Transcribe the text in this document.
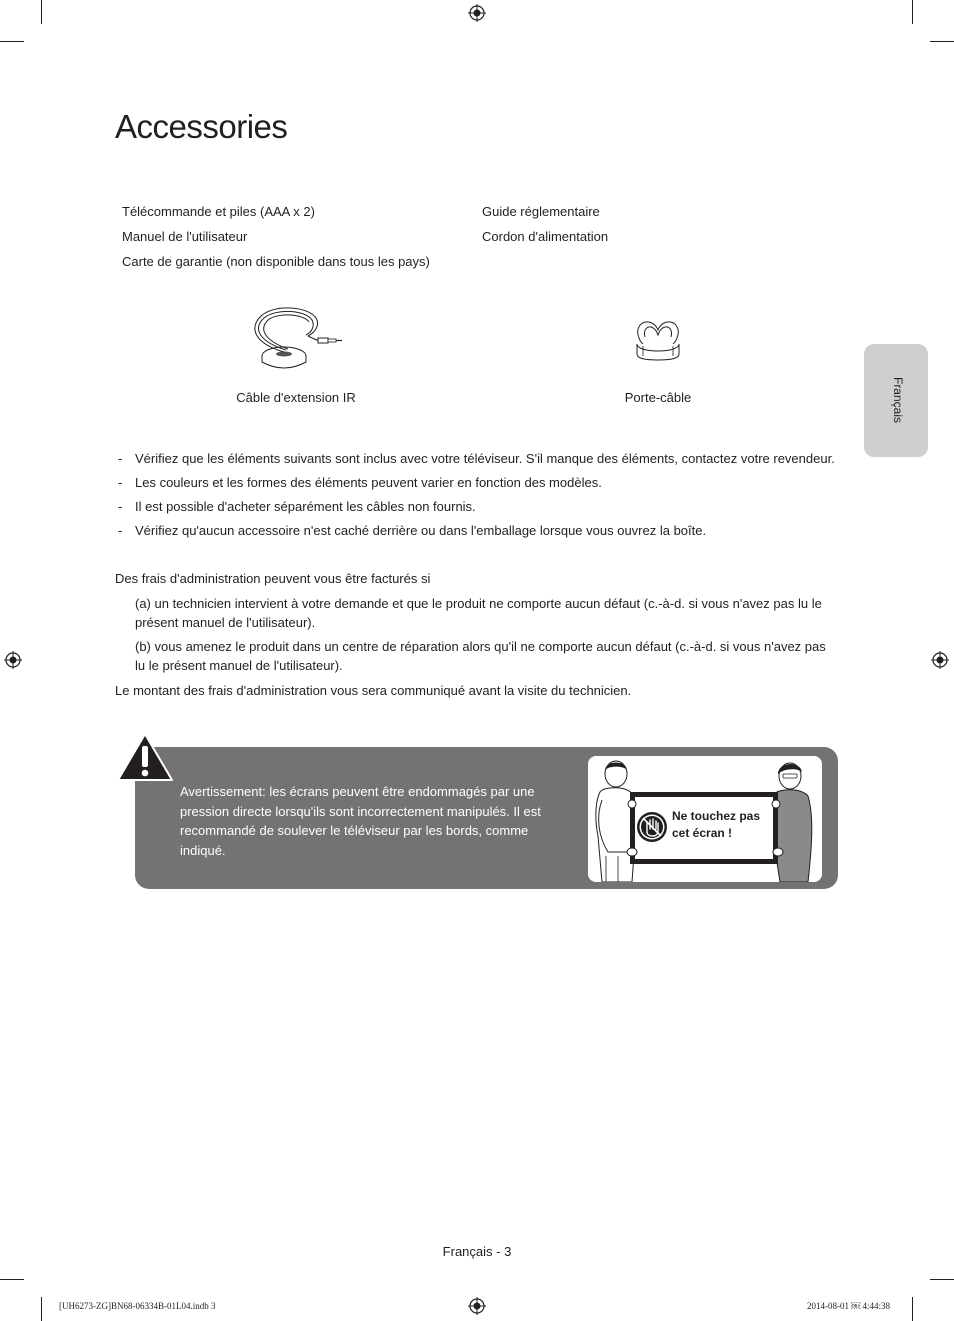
Accessories
Télécommande et piles (AAA x 2)
Manuel de l'utilisateur
Carte de garantie (non disponible dans tous les pays)
Guide réglementaire
Cordon d'alimentation
Câble d'extension IR	Porte-câble	Français
- Vérifiez que les éléments suivants sont inclus avec votre téléviseur. S'il manque des éléments, contactez votre revendeur.
- Les couleurs et les formes des éléments peuvent varier en fonction des modèles.
- Il est possible d'acheter séparément les câbles non fournis.
- Vérifiez qu'aucun accessoire n'est caché derrière ou dans l'emballage lorsque vous ouvrez la boîte.
Des frais d'administration peuvent vous être facturés si
(a) un technicien intervient à votre demande et que le produit ne comporte aucun défaut (c.-à-d. si vous n'avez pas lu le présent manuel de l'utilisateur).
(b) vous amenez le produit dans un centre de réparation alors qu'il ne comporte aucun défaut (c.-à-d. si vous n'avez pas lu le présent manuel de l'utilisateur).
Le montant des frais d'administration vous sera communiqué avant la visite du technicien.
Avertissement: les écrans peuvent être endommagés par une pression directe lorsqu'ils sont incorrectement manipulés. Il est recommandé de soulever le téléviseur par les bords, comme indiqué.
Ne touchez pas
cet écran !
Français - 3
[UH6273-ZG]BN68-06334B-01L04.indb 3	2014-08-01 ￼ 4:44:38
